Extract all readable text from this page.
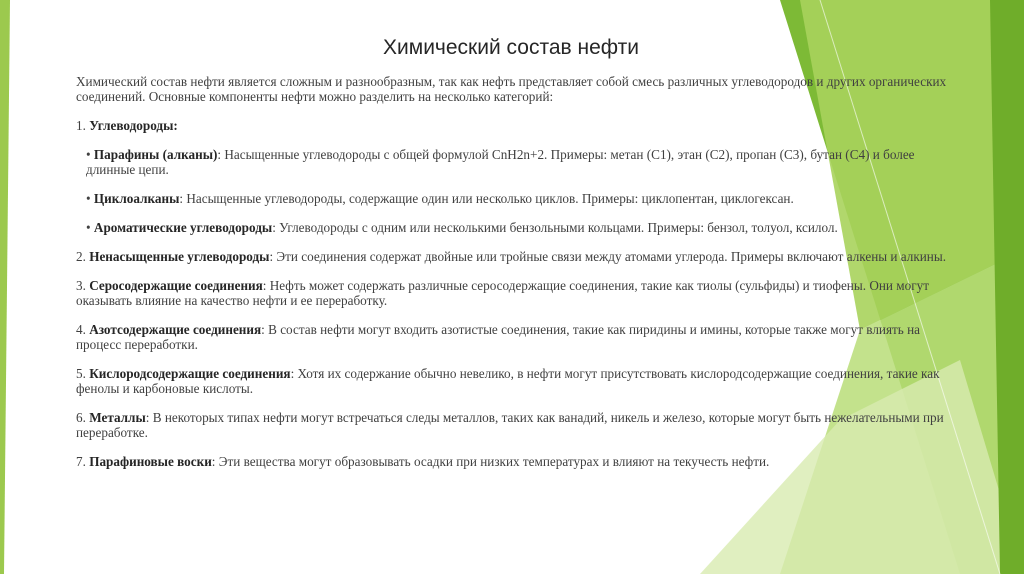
Химический состав нефти

Химический состав нефти является сложным и разнообразным, так как нефть представляет собой смесь различных углеводородов и других органических соединений. Основные компоненты нефти можно разделить на несколько категорий:

1. Углеводороды:

• Парафины (алканы): Насыщенные углеводороды с общей формулой CnH2n+2. Примеры: метан (C1), этан (C2), пропан (C3), бутан (C4) и более длинные цепи.

• Циклоалканы: Насыщенные углеводороды, содержащие один или несколько циклов. Примеры: циклопентан, циклогексан.

• Ароматические углеводороды: Углеводороды с одним или несколькими бензольными кольцами. Примеры: бензол, толуол, ксилол.

2. Ненасыщенные углеводороды: Эти соединения содержат двойные или тройные связи между атомами углерода. Примеры включают алкены и алкины.

3. Серосодержащие соединения: Нефть может содержать различные серосодержащие соединения, такие как тиолы (сульфиды) и тиофены. Они могут оказывать влияние на качество нефти и ее переработку.

4. Азотсодержащие соединения: В состав нефти могут входить азотистые соединения, такие как пиридины и имины, которые также могут влиять на процесс переработки.

5. Кислородсодержащие соединения: Хотя их содержание обычно невелико, в нефти могут присутствовать кислородсодержащие соединения, такие как фенолы и карбоновые кислоты.

6. Металлы: В некоторых типах нефти могут встречаться следы металлов, таких как ванадий, никель и железо, которые могут быть нежелательными при переработке.

7. Парафиновые воски: Эти вещества могут образовывать осадки при низких температурах и влияют на текучесть нефти.
